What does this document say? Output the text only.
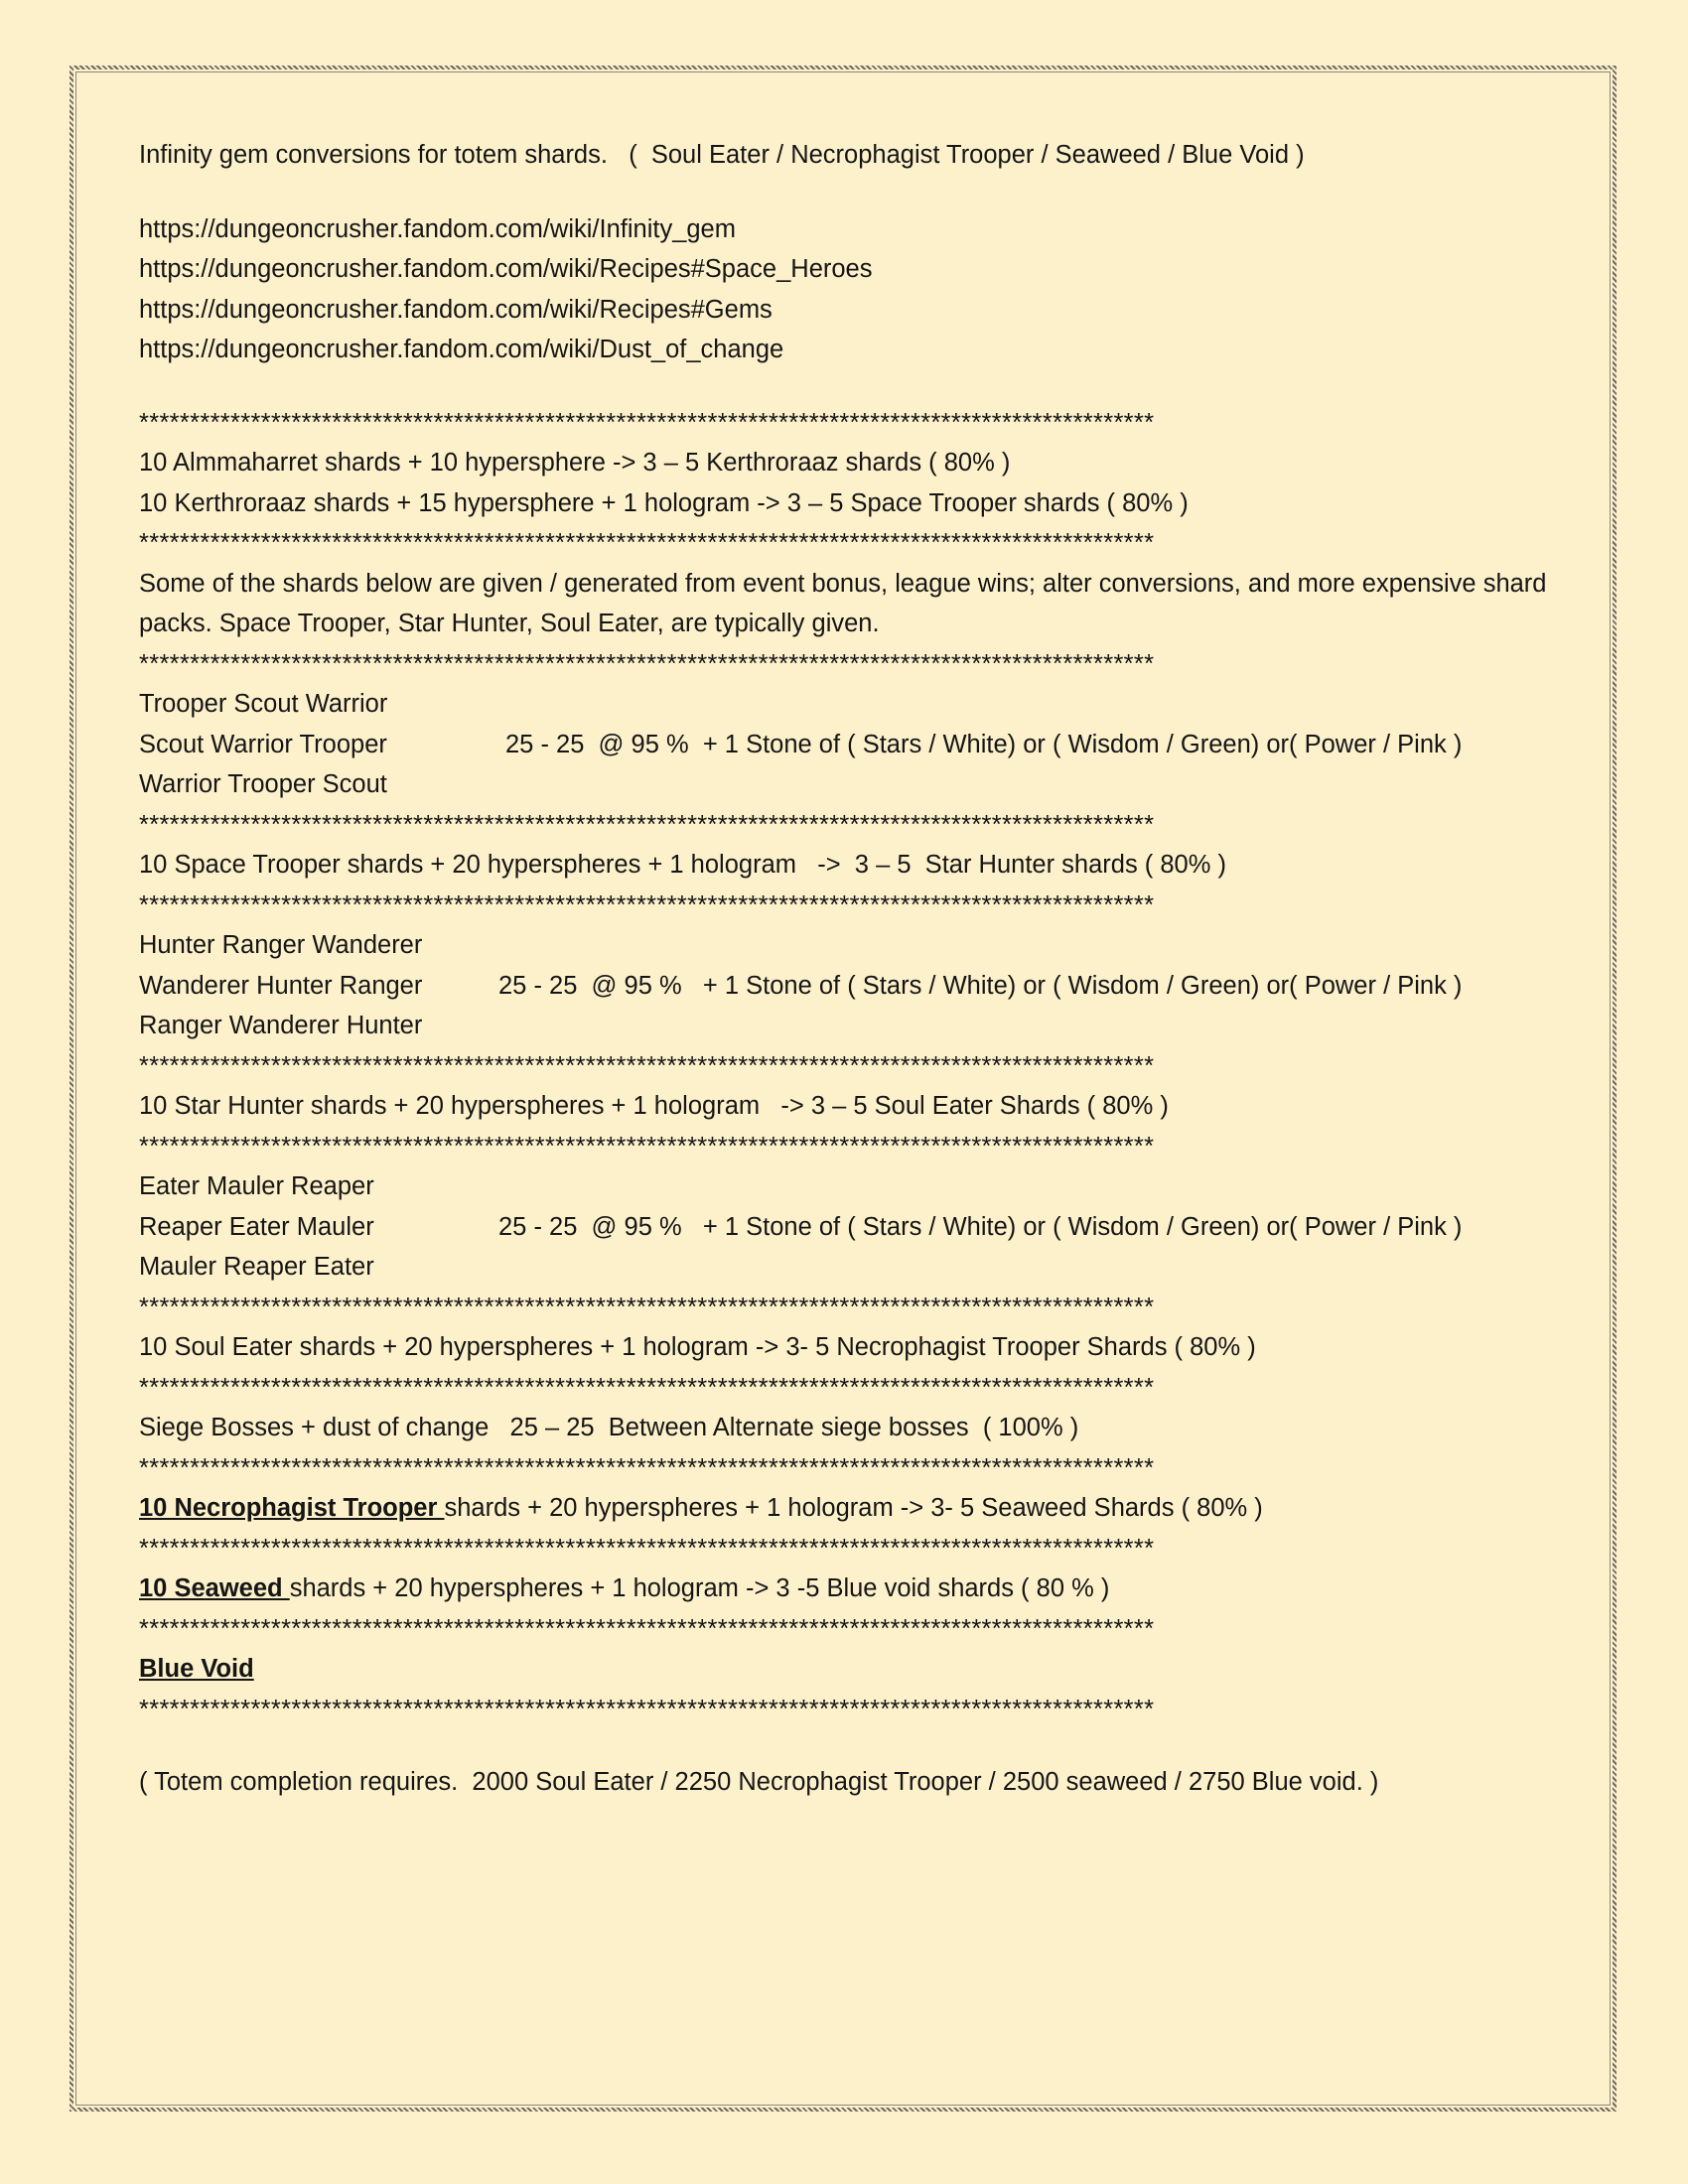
Infinity gem conversions for totem shards.   (  Soul Eater / Necrophagist Trooper / Seaweed / Blue Void )
https://dungeoncrusher.fandom.com/wiki/Infinity_gem
https://dungeoncrusher.fandom.com/wiki/Recipes#Space_Heroes
https://dungeoncrusher.fandom.com/wiki/Recipes#Gems
https://dungeoncrusher.fandom.com/wiki/Dust_of_change
****************************************************************************************************
10 Almmaharret shards + 10 hypersphere -> 3 – 5 Kerthroraaz shards ( 80% )
10 Kerthroraaz shards + 15 hypersphere + 1 hologram -> 3 – 5 Space Trooper shards ( 80% )
****************************************************************************************************
Some of the shards below are given / generated from event bonus, league wins; alter conversions, and more expensive shard packs. Space Trooper, Star Hunter, Soul Eater, are typically given.
****************************************************************************************************
Trooper Scout Warrior
Scout Warrior Trooper
Warrior Trooper Scout
25 - 25  @ 95 %  + 1 Stone of ( Stars / White) or ( Wisdom / Green) or( Power / Pink )
****************************************************************************************************
10 Space Trooper shards + 20 hyperspheres + 1 hologram   ->  3 – 5  Star Hunter shards ( 80% )
****************************************************************************************************
Hunter Ranger Wanderer
Wanderer Hunter Ranger
Ranger Wanderer Hunter
25 - 25  @ 95 %   + 1 Stone of ( Stars / White) or ( Wisdom / Green) or( Power / Pink )
****************************************************************************************************
10 Star Hunter shards + 20 hyperspheres + 1 hologram   -> 3 – 5 Soul Eater Shards ( 80% )
****************************************************************************************************
Eater Mauler Reaper
Reaper Eater Mauler
Mauler Reaper Eater
25 - 25  @ 95 %   + 1 Stone of ( Stars / White) or ( Wisdom / Green) or( Power / Pink )
****************************************************************************************************
10 Soul Eater shards + 20 hyperspheres + 1 hologram -> 3- 5 Necrophagist Trooper Shards ( 80% )
****************************************************************************************************
Siege Bosses + dust of change   25 – 25  Between Alternate siege bosses  ( 100% )
****************************************************************************************************
10 Necrophagist Trooper shards + 20 hyperspheres + 1 hologram -> 3- 5 Seaweed Shards ( 80% )
****************************************************************************************************
10 Seaweed shards + 20 hyperspheres + 1 hologram -> 3 -5 Blue void shards ( 80 % )
****************************************************************************************************
Blue Void
****************************************************************************************************
( Totem completion requires.  2000 Soul Eater / 2250 Necrophagist Trooper / 2500 seaweed / 2750 Blue void. )
